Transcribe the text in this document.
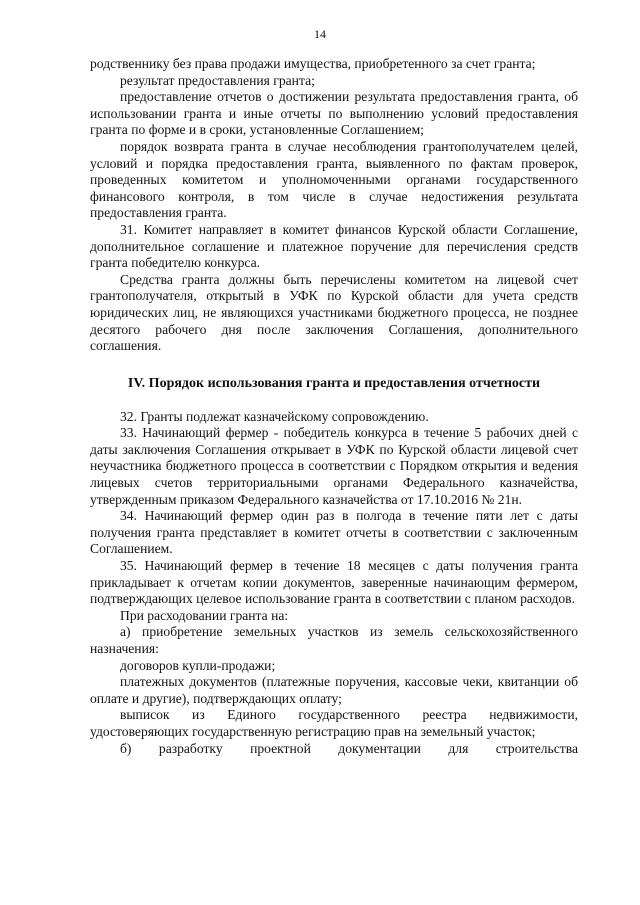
14

родственнику без права продажи имущества, приобретенного за счет гранта;

результат предоставления гранта;

предоставление отчетов о достижении результата предоставления гранта, об использовании гранта и иные отчеты по выполнению условий предоставления гранта по форме и в сроки, установленные Соглашением;

порядок возврата гранта в случае несоблюдения грантополучателем целей, условий и порядка предоставления гранта, выявленного по фактам проверок, проведенных комитетом и уполномоченными органами государственного финансового контроля, в том числе в случае недостижения результата предоставления гранта.

31. Комитет направляет в комитет финансов Курской области Соглашение, дополнительное соглашение и платежное поручение для перечисления средств гранта победителю конкурса.

Средства гранта должны быть перечислены комитетом на лицевой счет грантополучателя, открытый в УФК по Курской области для учета средств юридических лиц, не являющихся участниками бюджетного процесса, не позднее десятого рабочего дня после заключения Соглашения, дополнительного соглашения.

IV. Порядок использования гранта и предоставления отчетности

32. Гранты подлежат казначейскому сопровождению.

33. Начинающий фермер - победитель конкурса в течение 5 рабочих дней с даты заключения Соглашения открывает в УФК по Курской области лицевой счет неучастника бюджетного процесса в соответствии с Порядком открытия и ведения лицевых счетов территориальными органами Федерального казначейства, утвержденным приказом Федерального казначейства от 17.10.2016 № 21н.

34. Начинающий фермер один раз в полгода в течение пяти лет с даты получения гранта представляет в комитет отчеты в соответствии с заключенным Соглашением.

35. Начинающий фермер в течение 18 месяцев с даты получения гранта прикладывает к отчетам копии документов, заверенные начинающим фермером, подтверждающих целевое использование гранта в соответствии с планом расходов.

При расходовании гранта на:

а) приобретение земельных участков из земель сельскохозяйственного назначения:

договоров купли-продажи;

платежных документов (платежные поручения, кассовые чеки, квитанции об оплате и другие), подтверждающих оплату;

выписок из Единого государственного реестра недвижимости, удостоверяющих государственную регистрацию прав на земельный участок;

б) разработку проектной документации для строительства
